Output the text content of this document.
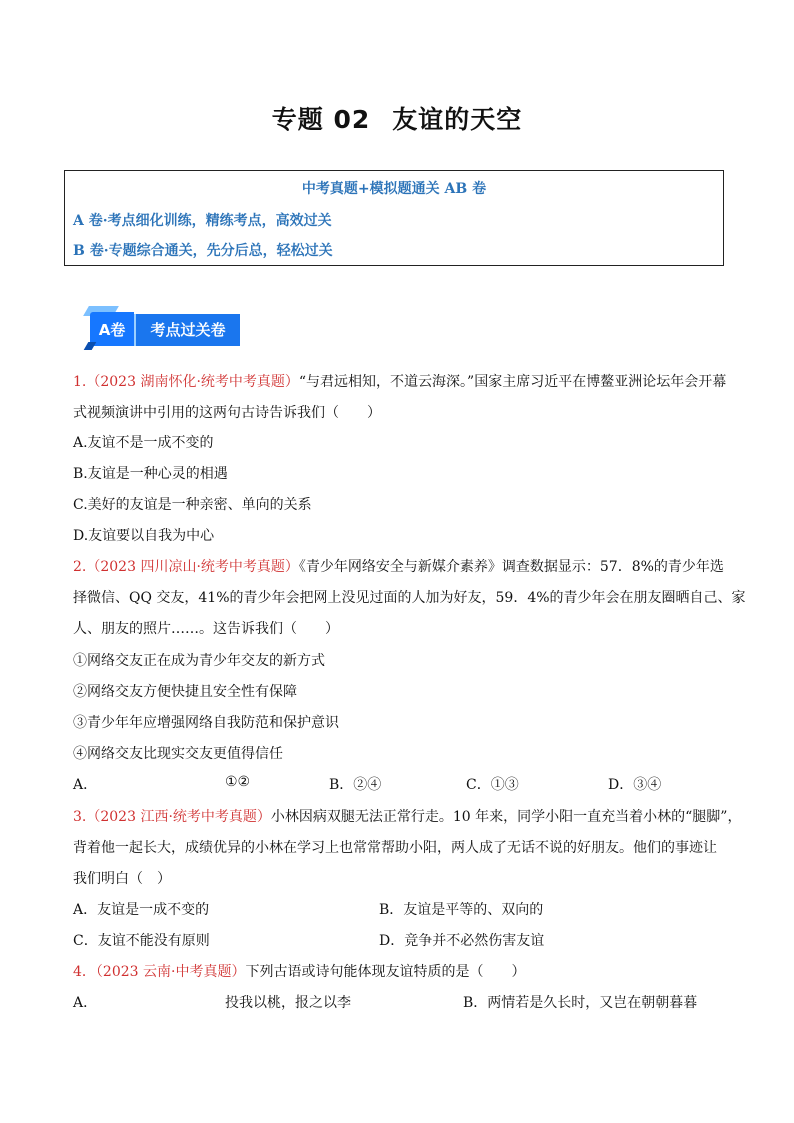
专题 02 友谊的天空
中考真题+模拟题通关 AB 卷
A 卷·考点细化训练，精练考点，高效过关
B 卷·专题综合通关，先分后总，轻松过关
A卷	考点过关卷
1.（2023 湖南怀化·统考中考真题）“与君远相知，不道云海深。”国家主席习近平在博鳌亚洲论坛年会开幕
式视频演讲中引用的这两句古诗告诉我们（　　）
A.友谊不是一成不变的
B.友谊是一种心灵的相遇
C.美好的友谊是一种亲密、单向的关系
D.友谊要以自我为中心
2.（2023 四川凉山·统考中考真题）《青少年网络安全与新媒介素养》调查数据显示：57．8%的青少年选
择微信、QQ 交友，41%的青少年会把网上没见过面的人加为好友，59．4%的青少年会在朋友圈晒自己、家
人、朋友的照片……。这告诉我们（　　）
①网络交友正在成为青少年交友的新方式
②网络交友方便快捷且安全性有保障
③青少年年应增强网络自我防范和保护意识
④网络交友比现实交友更值得信任
A．	①②	B．②④	C．①③	D．③④
3.（2023 江西·统考中考真题）小林因病双腿无法正常行走。10 年来，同学小阳一直充当着小林的“腿脚”，
背着他一起长大，成绩优异的小林在学习上也常常帮助小阳，两人成了无话不说的好朋友。他们的事迹让
我们明白（　）
A．友谊是一成不变的	B．友谊是平等的、双向的
C．友谊不能没有原则	D．竞争并不必然伤害友谊
4．（2023 云南·中考真题）下列古语或诗句能体现友谊特质的是（　　）
A．	投我以桃，报之以李	B．两情若是久长时，又岂在朝朝暮暮
